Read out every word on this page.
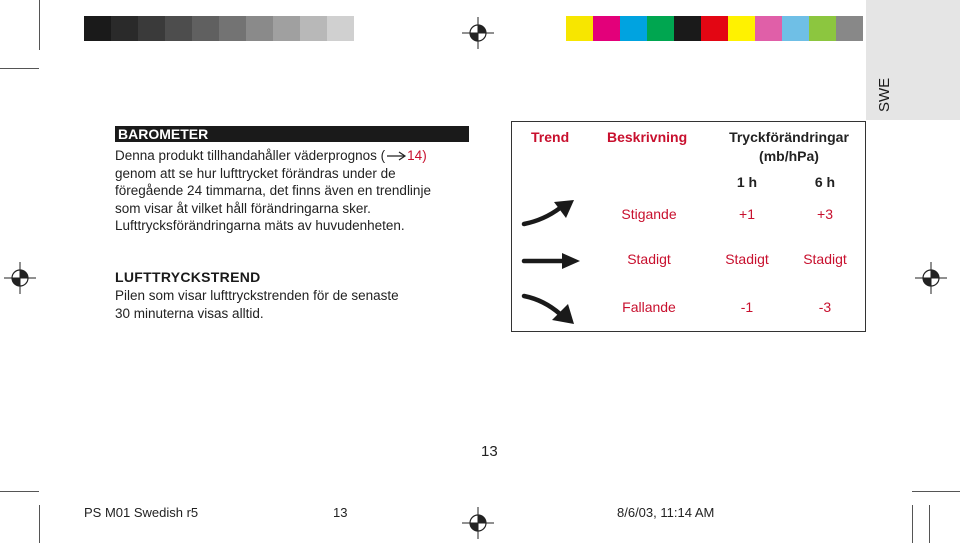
SWE
BAROMETER
Denna produkt tillhandahåller väderprognos ( 14)
genom att se hur lufttrycket förändras under de
föregående 24 timmarna, det finns även en trendlinje
som visar åt vilket håll förändringarna sker.
Lufttrycksförändringarna mäts av huvudenheten.
LUFTTRYCKSTREND
Pilen som visar lufttryckstrenden för de senaste
30 minuterna visas alltid.
Trend	Beskrivning	Tryckförändringar
(mb/hPa)
1 h	6 h
Stigande	+1	+3
Stadigt	Stadigt	Stadigt
Fallande	-1	-3
13
PS M01 Swedish r5	13	8/6/03, 11:14 AM
